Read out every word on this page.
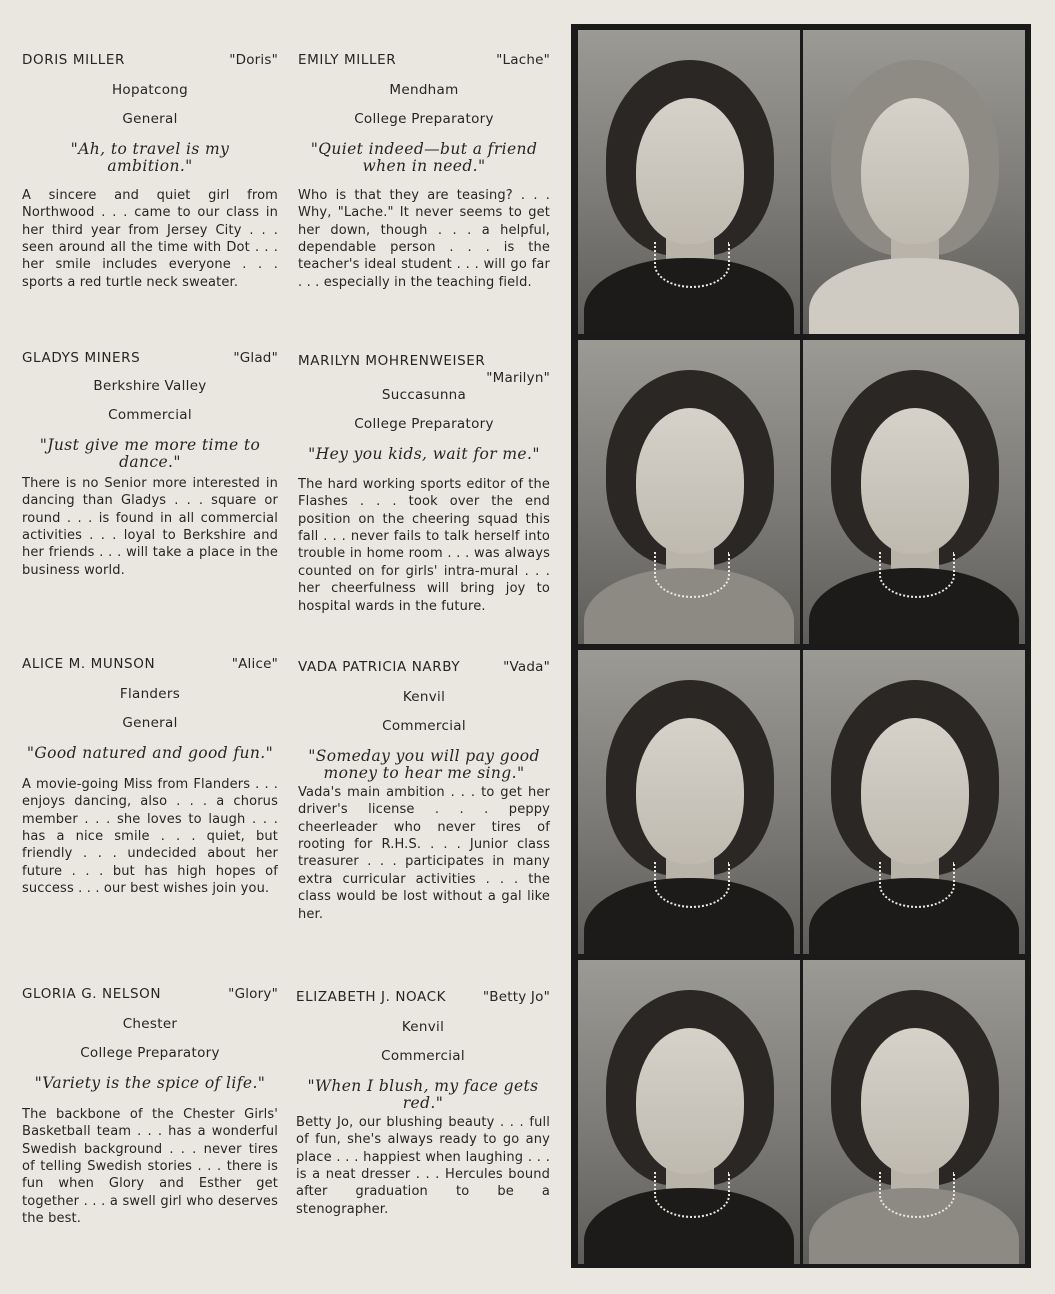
DORIS MILLER	"Doris"
Hopatcong
General
"Ah, to travel is my ambition."
A sincere and quiet girl from Northwood . . . came to our class in her third year from Jersey City . . . seen around all the time with Dot . . . her smile includes everyone . . . sports a red turtle neck sweater.
EMILY MILLER	"Lache"
Mendham
College Preparatory
"Quiet indeed—but a friend when in need."
Who is that they are teasing? . . . Why, "Lache." It never seems to get her down, though . . . a helpful, dependable person . . . is the teacher's ideal student . . . will go far . . . especially in the teaching field.
GLADYS MINERS	"Glad"
Berkshire Valley
Commercial
"Just give me more time to dance."
There is no Senior more interested in dancing than Gladys . . . square or round . . . is found in all commercial activities . . . loyal to Berkshire and her friends . . . will take a place in the business world.
MARILYN MOHRENWEISER
"Marilyn"
Succasunna
College Preparatory
"Hey you kids, wait for me."
The hard working sports editor of the Flashes . . . took over the end position on the cheering squad this fall . . . never fails to talk herself into trouble in home room . . . was always counted on for girls' intra-mural . . . her cheerfulness will bring joy to hospital wards in the future.
ALICE M. MUNSON	"Alice"
Flanders
General
"Good natured and good fun."
A movie-going Miss from Flanders . . . enjoys dancing, also . . . a chorus member . . . she loves to laugh . . . has a nice smile . . . quiet, but friendly . . . undecided about her future . . . but has high hopes of success . . . our best wishes join you.
VADA PATRICIA NARBY	"Vada"
Kenvil
Commercial
"Someday you will pay good money to hear me sing."
Vada's main ambition . . . to get her driver's license . . . peppy cheerleader who never tires of rooting for R.H.S. . . . Junior class treasurer . . . participates in many extra curricular activities . . . the class would be lost without a gal like her.
GLORIA G. NELSON	"Glory"
Chester
College Preparatory
"Variety is the spice of life."
The backbone of the Chester Girls' Basketball team . . . has a wonderful Swedish background . . . never tires of telling Swedish stories . . . there is fun when Glory and Esther get together . . . a swell girl who deserves the best.
ELIZABETH J. NOACK	"Betty Jo"
Kenvil
Commercial
"When I blush, my face gets red."
Betty Jo, our blushing beauty . . . full of fun, she's always ready to go any place . . . happiest when laughing . . . is a neat dresser . . . Hercules bound after graduation to be a stenographer.
